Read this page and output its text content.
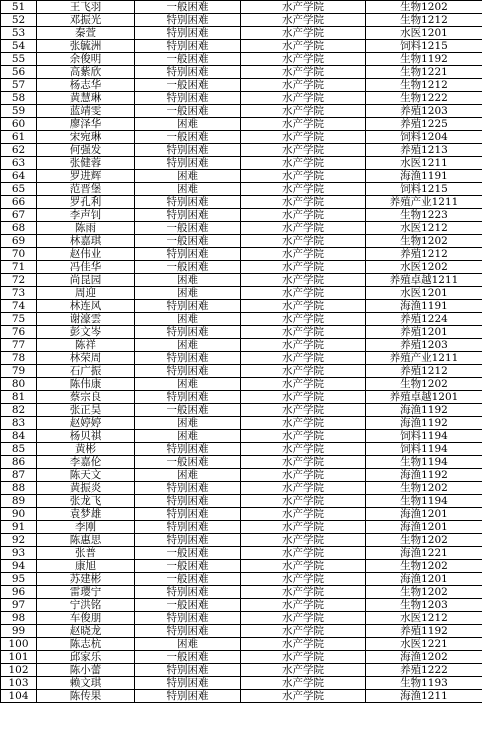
51	王飞羽	一般困难	水产学院	生物1202
52	邓振光	特别困难	水产学院	生物1212
53	秦萱	特别困难	水产学院	水医1201
54	张毓洲	特别困难	水产学院	饲料1215
55	余俊明	一般困难	水产学院	生物1192
56	高紫欣	特别困难	水产学院	生物1221
57	杨志华	一般困难	水产学院	生物1212
58	黄慧琳	特别困难	水产学院	生物1222
59	蓝靖雯	一般困难	水产学院	养殖1203
60	廖泽华	困难	水产学院	养殖1225
61	宋宛琳	一般困难	水产学院	饲料1204
62	何强发	特别困难	水产学院	养殖1213
63	张健蓉	特别困难	水产学院	水医1211
64	罗进辉	困难	水产学院	海渔1191
65	范晋堡	困难	水产学院	饲料1215
66	罗孔利	特别困难	水产学院	养殖产业1211
67	李声钊	特别困难	水产学院	生物1223
68	陈雨	一般困难	水产学院	水医1212
69	林嘉琪	一般困难	水产学院	生物1202
70	赵伟业	特别困难	水产学院	养殖1212
71	冯佳华	一般困难	水产学院	水医1202
72	尚昆园	困难	水产学院	养殖卓越1211
73	周迎	困难	水产学院	水医1201
74	林连风	特别困难	水产学院	海渔1191
75	谢濠雲	困难	水产学院	养殖1224
76	彭文岑	特别困难	水产学院	养殖1201
77	陈祥	困难	水产学院	养殖1203
78	林荣周	特别困难	水产学院	养殖产业1211
79	石广振	特别困难	水产学院	养殖1212
80	陈伟康	困难	水产学院	生物1202
81	蔡宗良	特别困难	水产学院	养殖卓越1201
82	张正昊	一般困难	水产学院	海渔1192
83	赵婷婷	困难	水产学院	海渔1192
84	杨贝祺	困难	水产学院	饲料1194
85	黄彬	特别困难	水产学院	饲料1194
86	李嘉伦	一般困难	水产学院	生物1194
87	陈天文	困难	水产学院	海渔1192
88	黄振炎	特别困难	水产学院	生物1202
89	张龙飞	特别困难	水产学院	生物1194
90	袁梦雄	特别困难	水产学院	海渔1201
91	李刚	特别困难	水产学院	海渔1201
92	陈惠思	特别困难	水产学院	生物1202
93	张普	一般困难	水产学院	海渔1221
94	康旭	一般困难	水产学院	生物1202
95	苏建彬	一般困难	水产学院	海渔1201
96	雷璎宁	特别困难	水产学院	生物1202
97	宁洪铭	一般困难	水产学院	生物1203
98	车俊朋	特别困难	水产学院	水医1212
99	赵晓龙	特别困难	水产学院	养殖1192
100	陈志杭	困难	水产学院	水医1221
101	邱家乐	一般困难	水产学院	海渔1202
102	陈小蕾	特别困难	水产学院	养殖1222
103	赖文琪	特别困难	水产学院	生物1193
104	陈传果	特别困难	水产学院	海渔1211
